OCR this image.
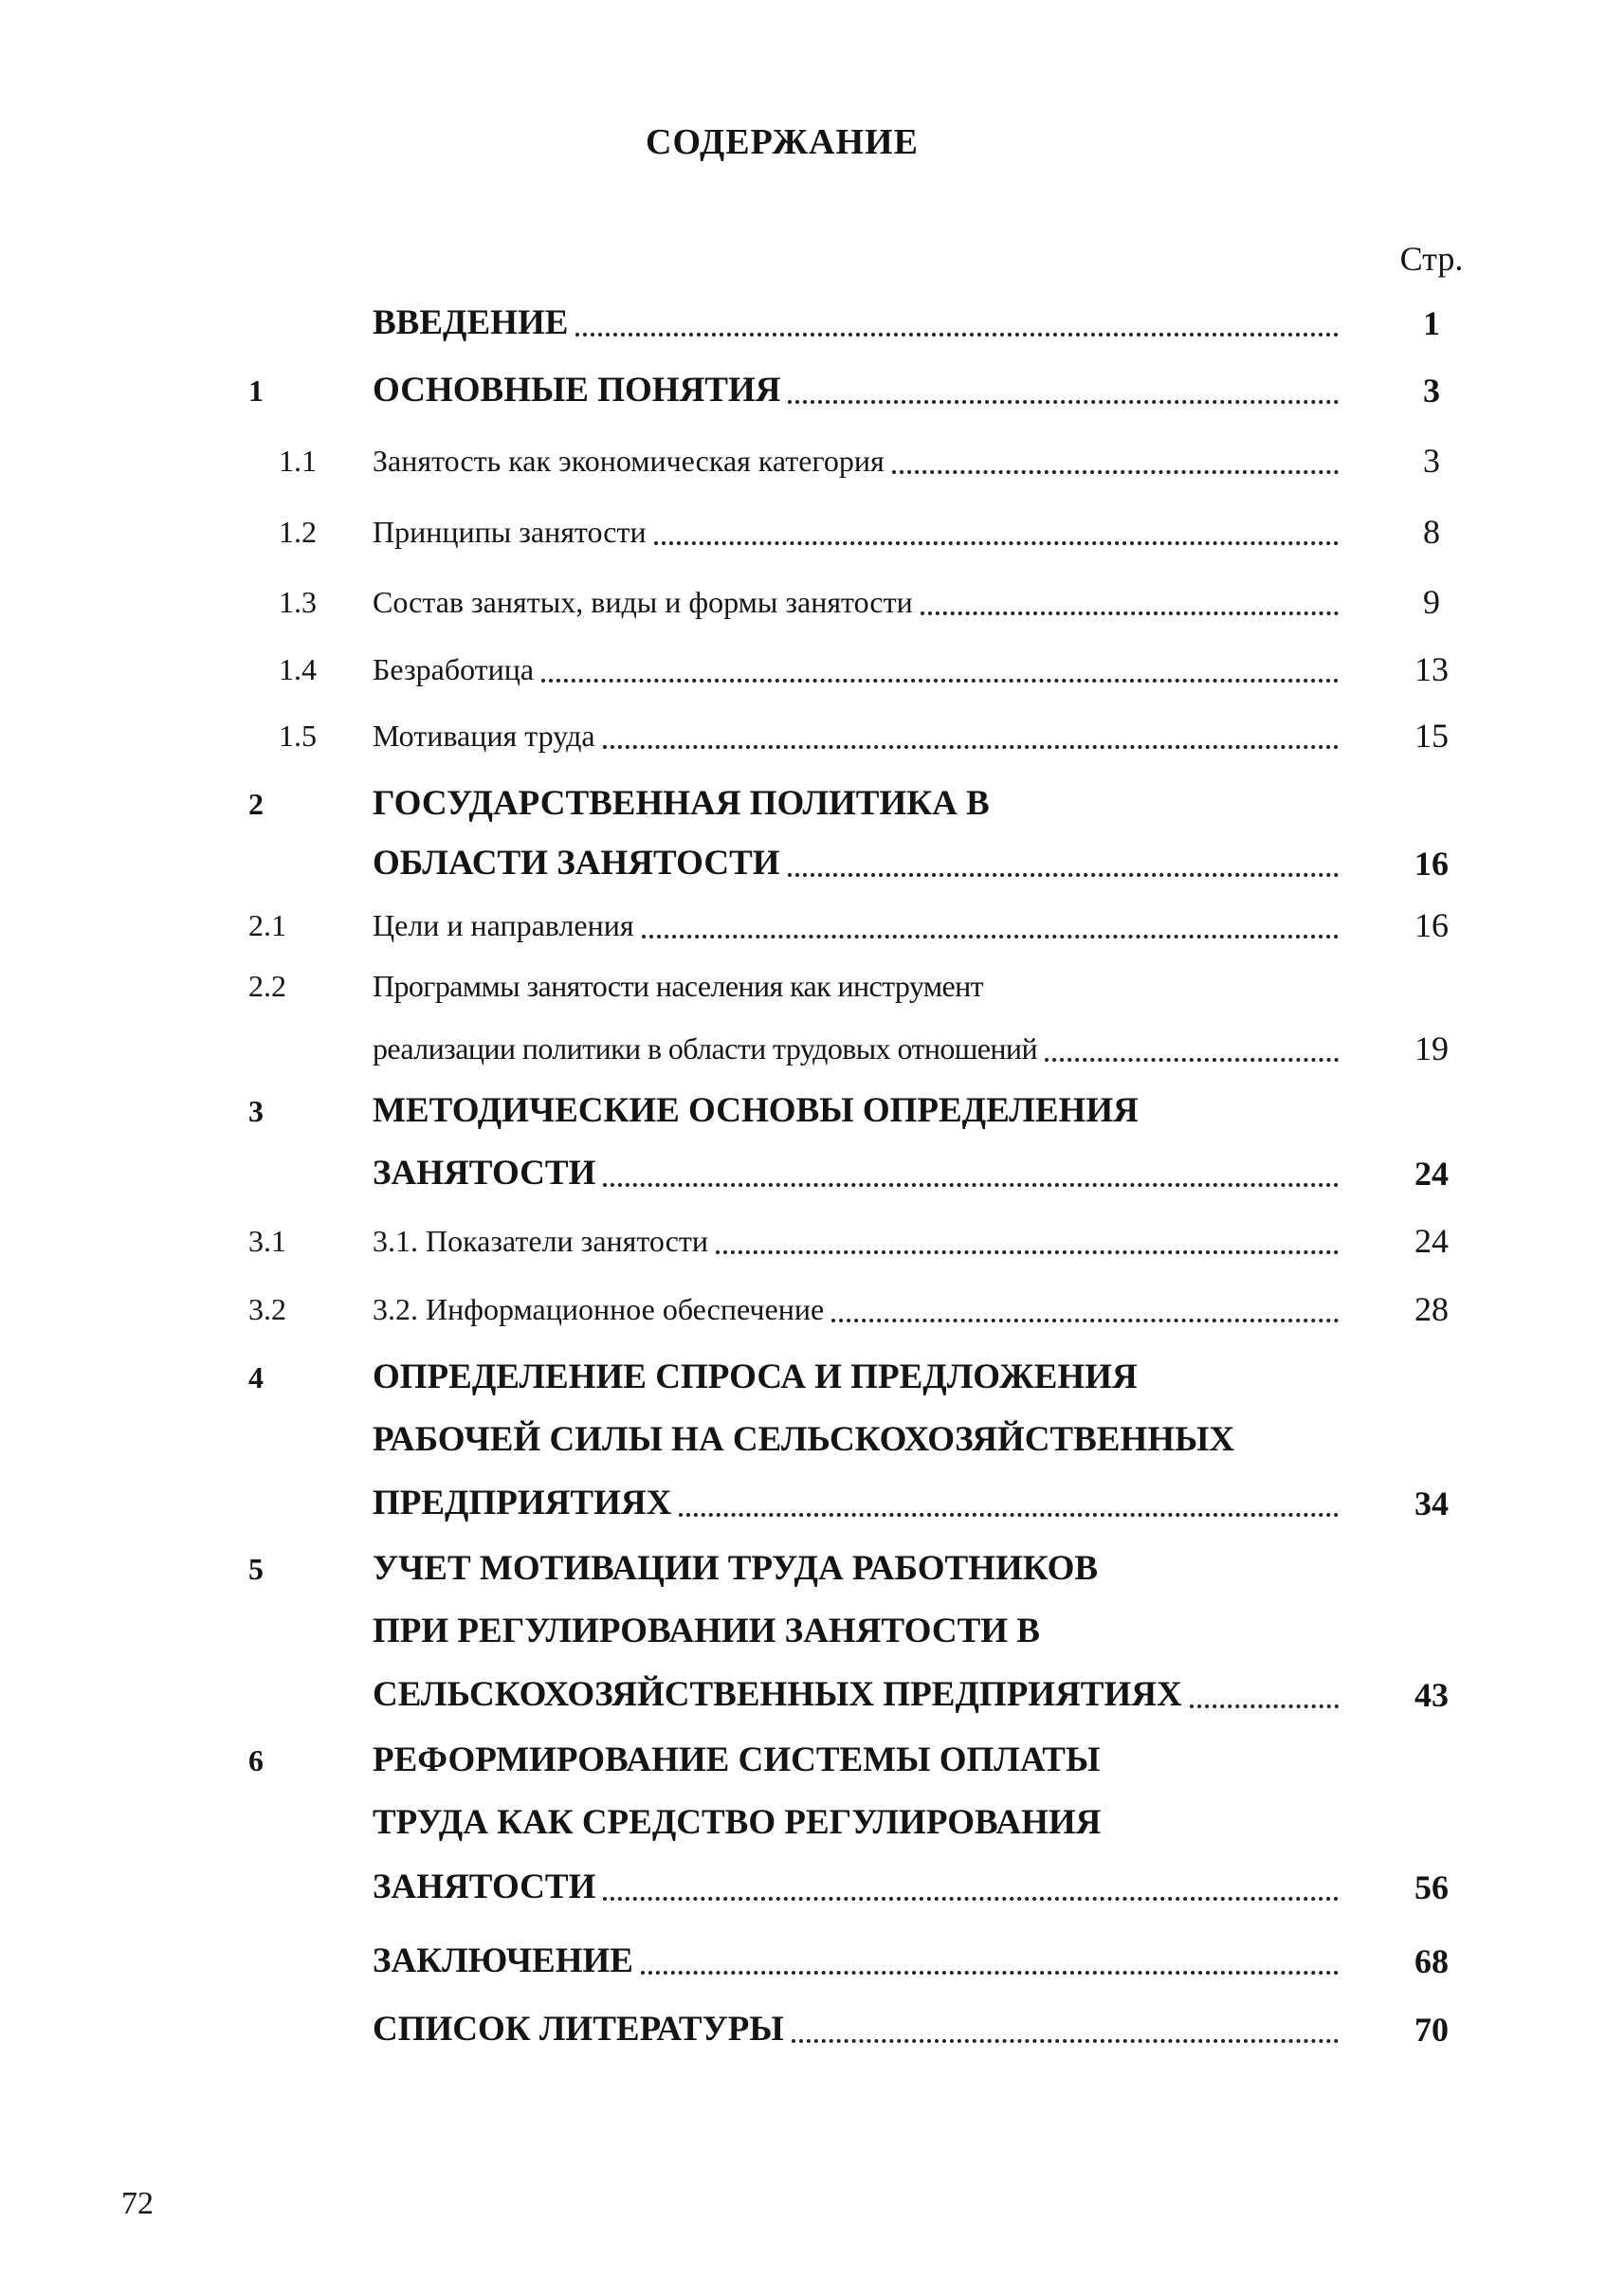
СОДЕРЖАНИЕ
Стр.
ВВЕДЕНИЕ	1
1	ОСНОВНЫЕ ПОНЯТИЯ	3
1.1 Занятость как экономическая категория	3
1.2 Принципы занятости	8
1.3 Состав занятых, виды и формы занятости	9
1.4 Безработица	13
1.5 Мотивация труда	15
2	ГОСУДАРСТВЕННАЯ ПОЛИТИКА В
ОБЛАСТИ ЗАНЯТОСТИ	16
2.1	Цели и направления	16
2.2	Программы занятости населения как инструмент
реализации политики в области трудовых отношений	19
3	МЕТОДИЧЕСКИЕ ОСНОВЫ ОПРЕДЕЛЕНИЯ
ЗАНЯТОСТИ	24
3.1	3.1. Показатели занятости	24
3.2	3.2. Информационное обеспечение	28
4	ОПРЕДЕЛЕНИЕ СПРОСА И ПРЕДЛОЖЕНИЯ
РАБОЧЕЙ СИЛЫ НА СЕЛЬСКОХОЗЯЙСТВЕННЫХ
ПРЕДПРИЯТИЯХ	34
5	УЧЕТ МОТИВАЦИИ ТРУДА РАБОТНИКОВ
ПРИ РЕГУЛИРОВАНИИ ЗАНЯТОСТИ В
СЕЛЬСКОХОЗЯЙСТВЕННЫХ ПРЕДПРИЯТИЯХ	43
6	РЕФОРМИРОВАНИЕ СИСТЕМЫ ОПЛАТЫ
ТРУДА КАК СРЕДСТВО РЕГУЛИРОВАНИЯ
ЗАНЯТОСТИ	56
ЗАКЛЮЧЕНИЕ	68
СПИСОК ЛИТЕРАТУРЫ	70
72
